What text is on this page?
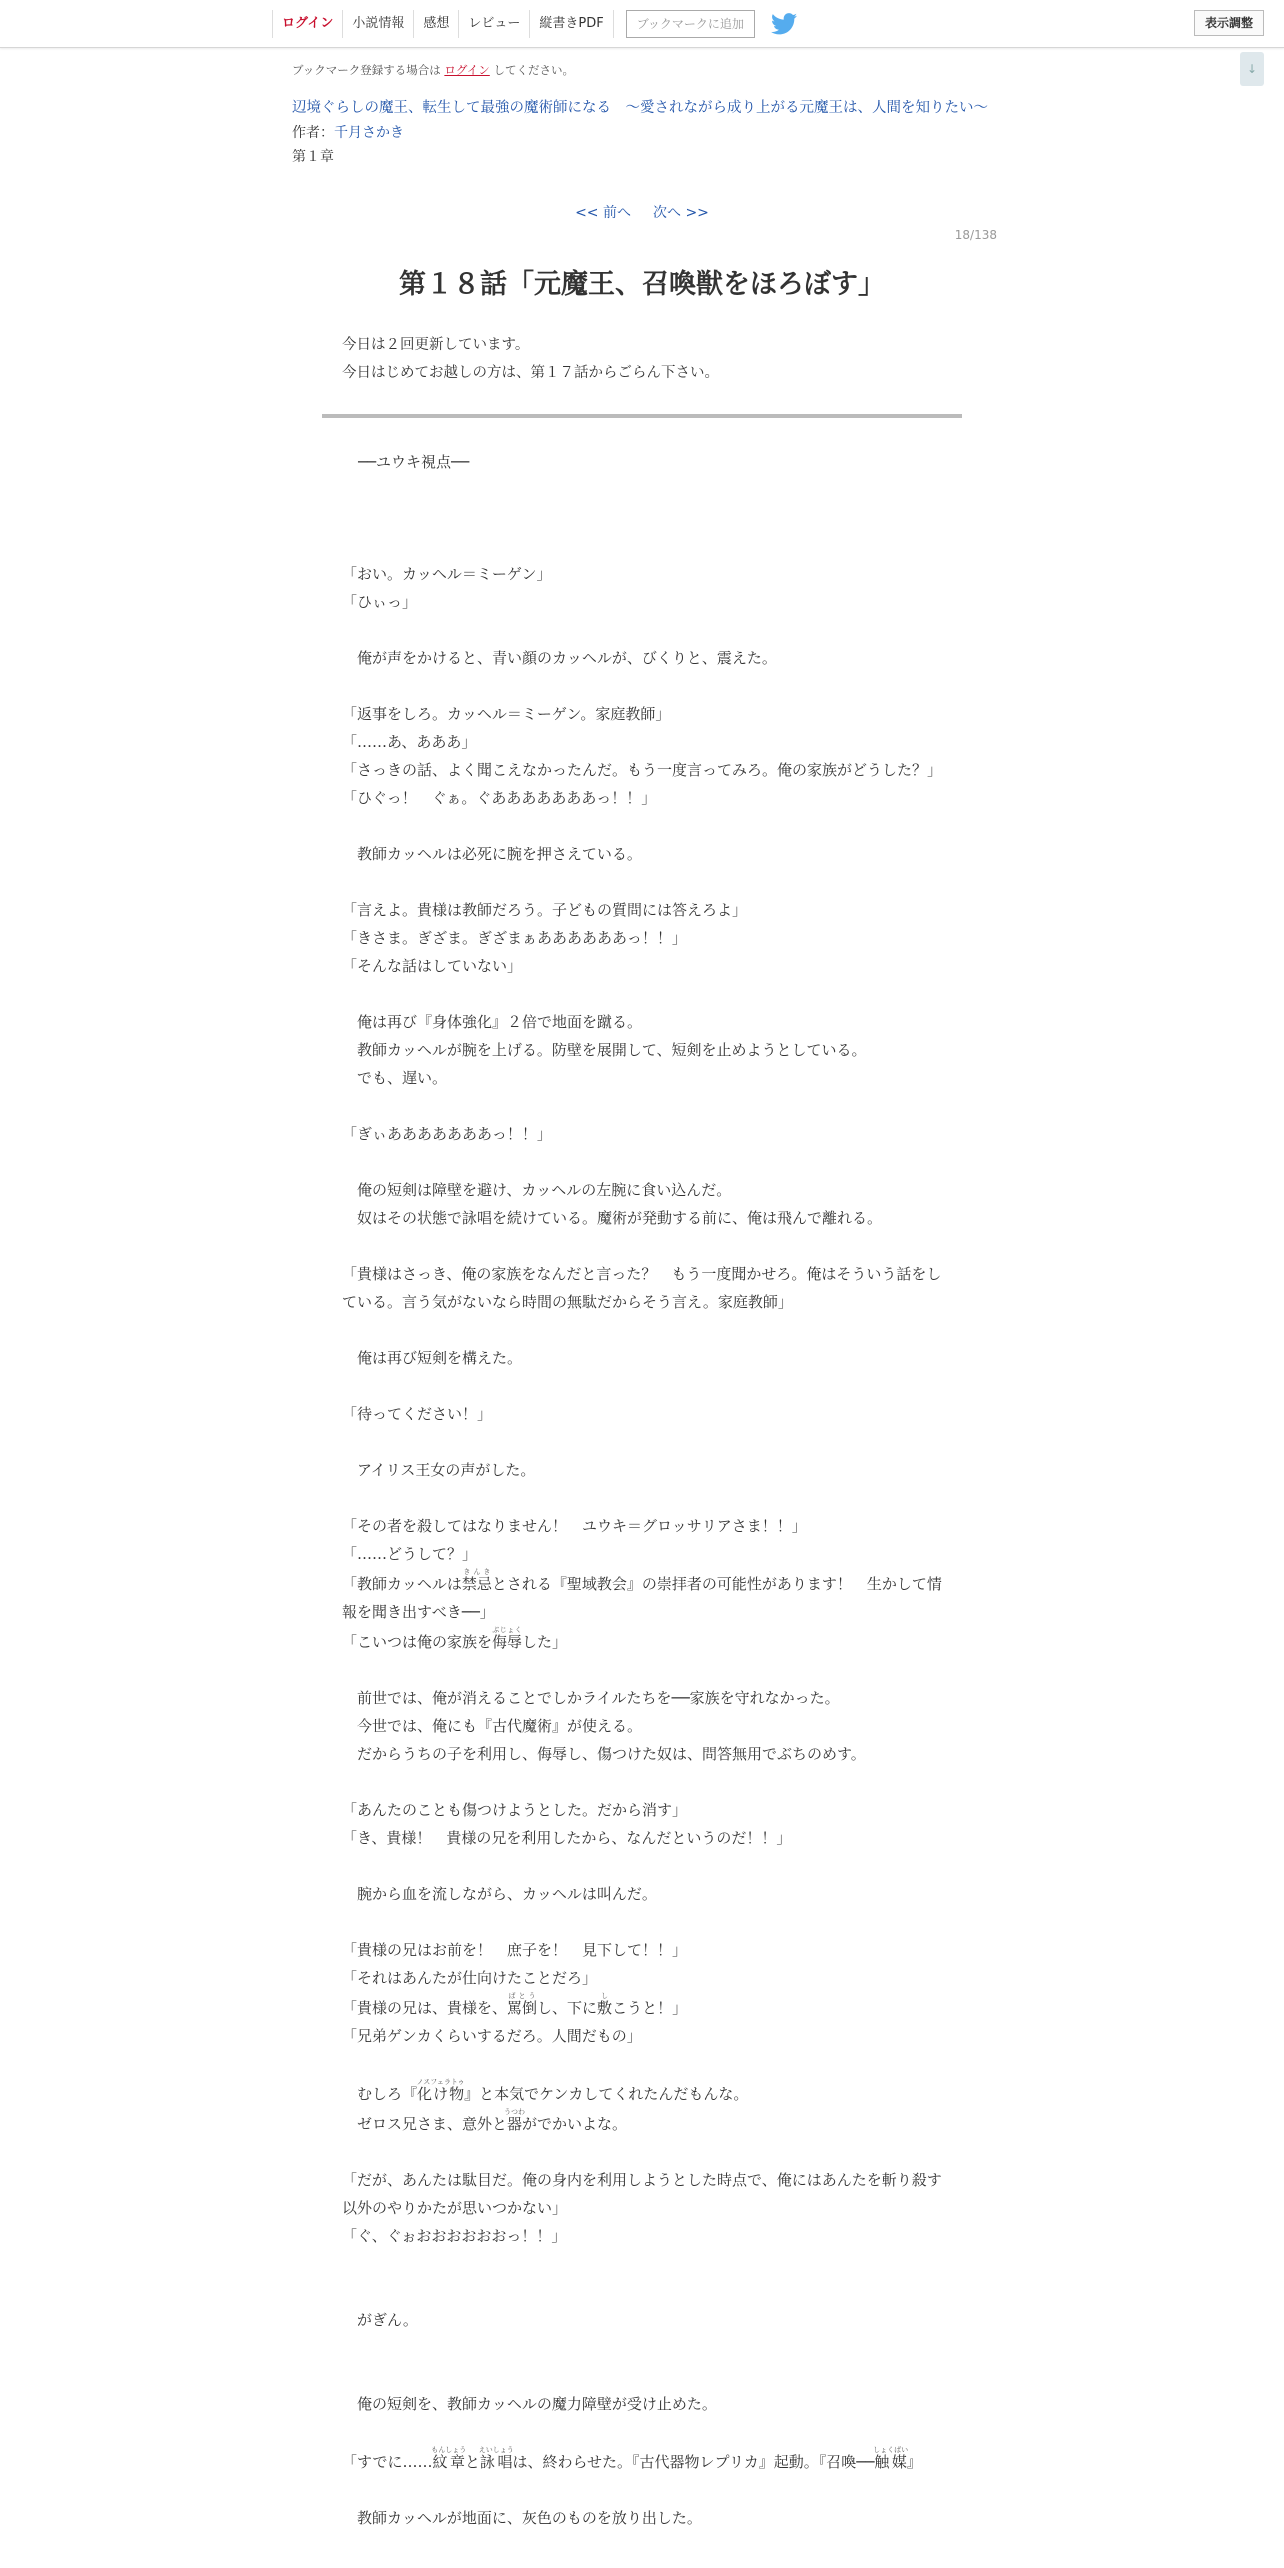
ログイン	小説情報	感想	レビュー	縦書きPDF	ブックマークに追加	表示調整
↓
ブックマーク登録する場合は ログイン してください。
辺境ぐらしの魔王、転生して最強の魔術師になる　〜愛されながら成り上がる元魔王は、人間を知りたい〜
作者：千月さかき
第１章
<< 前へ 次へ >>
18/138
第１８話「元魔王、召喚獣をほろぼす」
今日は２回更新しています。
今日はじめてお越しの方は、第１７話からごらん下さい。

──ユウキ視点──

「おい。カッヘル＝ミーゲン」

「ひぃっ」

　俺が声をかけると、青い顔のカッヘルが、びくりと、震えた。

「返事をしろ。カッヘル＝ミーゲン。家庭教師」

「……あ、あああ」

「さっきの話、よく聞こえなかったんだ。もう一度言ってみろ。俺の家族がどうした？」

「ひぐっ！　ぐぁ。ぐあああああああっ！！」

　教師カッヘルは必死に腕を押さえている。

「言えよ。貴様は教師だろう。子どもの質問には答えろよ」

「きさま。ぎざま。ぎざまぁああああああっ！！」

「そんな話はしていない」

　俺は再び『身体強化』２倍で地面を蹴る。

　教師カッヘルが腕を上げる。防壁を展開して、短剣を止めようとしている。

　でも、遅い。

「ぎぃあああああああっ！！」

　俺の短剣は障壁を避け、カッヘルの左腕に食い込んだ。

　奴はその状態で詠唱を続けている。魔術が発動する前に、俺は飛んで離れる。

「貴様はさっき、俺の家族をなんだと言った？　もう一度聞かせろ。俺はそういう話をしている。言う気がないなら時間の無駄だからそう言え。家庭教師」

　俺は再び短剣を構えた。

「待ってください！」

　アイリス王女の声がした。

「その者を殺してはなりません！　ユウキ＝グロッサリアさま！！」

「……どうして？」

「教師カッヘルは禁忌きんきとされる『聖域教会』の崇拝者の可能性があります！　生かして情報を聞き出すべき──」

「こいつは俺の家族を侮辱ぶじょくした」

　前世では、俺が消えることでしかライルたちを──家族を守れなかった。

　今世では、俺にも『古代魔術』が使える。

　だからうちの子を利用し、侮辱し、傷つけた奴は、問答無用でぶちのめす。

「あんたのことも傷つけようとした。だから消す」

「き、貴様！　貴様の兄を利用したから、なんだというのだ！！」

　腕から血を流しながら、カッヘルは叫んだ。

「貴様の兄はお前を！　庶子を！　見下して！！」

「それはあんたが仕向けたことだろ」

「貴様の兄は、貴様を、罵倒ばとうし、下に敷しこうと！」

「兄弟ゲンカくらいするだろ。人間だもの」

　むしろ『化け物ノスフェラトゥ』と本気でケンカしてくれたんだもんな。

　ゼロス兄さま、意外と器うつわがでかいよな。

「だが、あんたは駄目だ。俺の身内を利用しようとした時点で、俺にはあんたを斬り殺す以外のやりかたが思いつかない」

「ぐ、ぐぉおおおおおおっ！！」

　がぎん。

　俺の短剣を、教師カッヘルの魔力障壁が受け止めた。

「すでに……紋章もんしょうと詠唱えいしょうは、終わらせた。『古代器物レプリカ』起動。『召喚──触媒しょくばい』

　教師カッヘルが地面に、灰色のものを放り出した。
